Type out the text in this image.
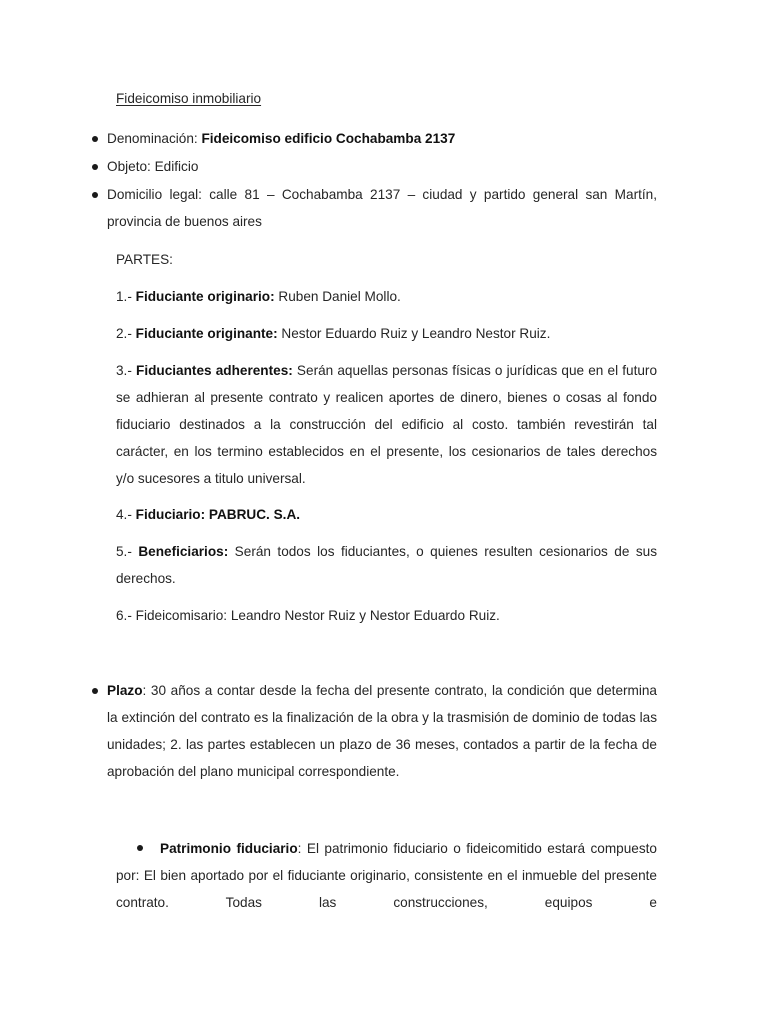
Fideicomiso inmobiliario
Denominación: Fideicomiso edificio Cochabamba 2137
Objeto: Edificio
Domicilio legal: calle 81 – Cochabamba 2137 – ciudad y partido general san Martín, provincia de buenos aires
PARTES:
1.- Fiduciante originario: Ruben Daniel Mollo.
2.- Fiduciante originante: Nestor Eduardo Ruiz y Leandro Nestor Ruiz.
3.- Fiduciantes adherentes: Serán aquellas personas físicas o jurídicas que en el futuro se adhieran al presente contrato y realicen aportes de dinero, bienes o cosas al fondo fiduciario destinados a la construcción del edificio al costo. también revestirán tal carácter, en los termino establecidos en el presente, los cesionarios de tales derechos y/o sucesores a titulo universal.
4.- Fiduciario: PABRUC. S.A.
5.- Beneficiarios: Serán todos los fiduciantes, o quienes resulten cesionarios de sus derechos.
6.- Fideicomisario: Leandro Nestor Ruiz y Nestor Eduardo Ruiz.
Plazo: 30 años a contar desde la fecha del presente contrato, la condición que determina la extinción del contrato es la finalización de la obra y la trasmisión de dominio de todas las unidades; 2. las partes establecen un plazo de 36 meses, contados a partir de la fecha de aprobación del plano municipal correspondiente.
Patrimonio fiduciario: El patrimonio fiduciario o fideicomitido estará compuesto por: El bien aportado por el fiduciante originario, consistente en el inmueble del presente contrato. Todas las construcciones, equipos e
